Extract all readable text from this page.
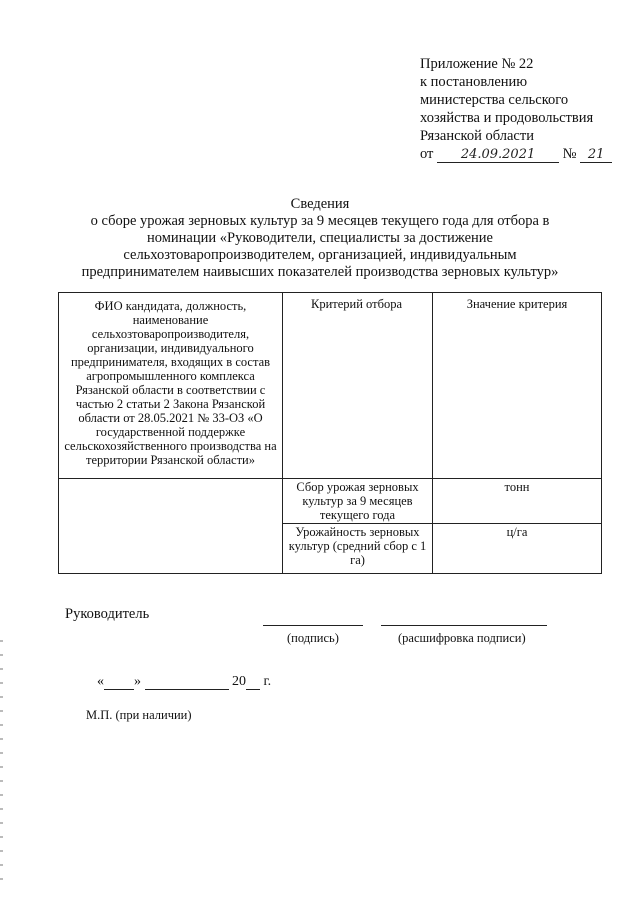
Приложение № 22
к постановлению
министерства сельского
хозяйства и продовольствия
Рязанской области
от 24.09.2021 № 21
Сведения
о сборе урожая зерновых культур за 9 месяцев текущего года для отбора в
номинации «Руководители, специалисты за достижение
сельхозтоваропроизводителем, организацией, индивидуальным
предпринимателем наивысших показателей производства зерновых культур»
ФИО кандидата, должность, наименование сельхозтоваропроизводителя, организации, индивидуального предпринимателя, входящих в состав агропромышленного комплекса Рязанской области в соответствии с частью 2 статьи 2 Закона Рязанской области от 28.05.2021 № 33-ОЗ «О государственной поддержке сельскохозяйственного производства на территории Рязанской области»	Критерий отбора	Значение критерия
	Сбор урожая зерновых культур за 9 месяцев текущего года	тонн
	Урожайность зерновых культур (средний сбор с 1 га)	ц/га
Руководитель
(подпись)	(расшифровка подписи)
« »	20 г.
М.П. (при наличии)
